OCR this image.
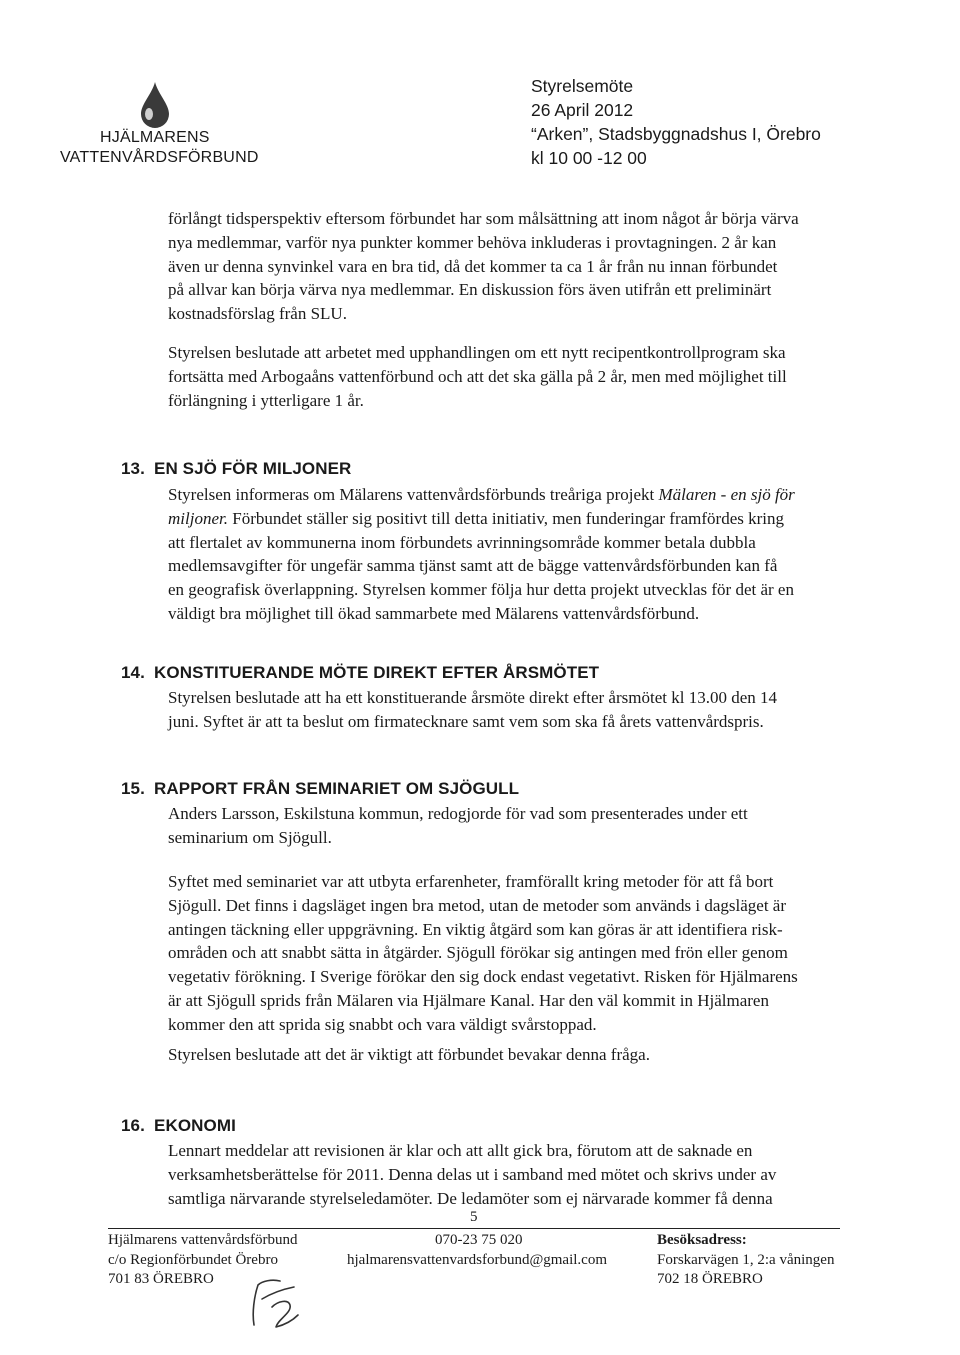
HJÄLMARENS
VATTENVÅRDSFÖRBUND
Styrelsemöte
26 April 2012
“Arken”, Stadsbyggnadshus I, Örebro
kl 10 00 -12 00

förlångt tidsperspektiv eftersom förbundet har som målsättning att inom något år börja värva
nya medlemmar, varför nya punkter kommer behöva inkluderas i provtagningen. 2 år kan
även ur denna synvinkel vara en bra tid, då det kommer ta ca 1 år från nu innan förbundet
på allvar kan börja värva nya medlemmar. En diskussion förs även utifrån ett preliminärt
kostnadsförslag från SLU.

Styrelsen beslutade att arbetet med upphandlingen om ett nytt recipentkontrollprogram ska
fortsätta med Arbogaåns vattenförbund och att det ska gälla på 2 år, men med möjlighet till
förlängning i ytterligare 1 år.

13. EN SJÖ FÖR MILJONER

Styrelsen informeras om Mälarens vattenvårdsförbunds treåriga projekt Mälaren - en sjö för
miljoner. Förbundet ställer sig positivt till detta initiativ, men funderingar framfördes kring
att flertalet av kommunerna inom förbundets avrinningsområde kommer betala dubbla
medlemsavgifter för ungefär samma tjänst samt att de bägge vattenvårdsförbunden kan få
en geografisk överlappning. Styrelsen kommer följa hur detta projekt utvecklas för det är en
väldigt bra möjlighet till ökad sammarbete med Mälarens vattenvårdsförbund.

14. KONSTITUERANDE MÖTE DIREKT EFTER ÅRSMÖTET

Styrelsen beslutade att ha ett konstituerande årsmöte direkt efter årsmötet kl 13.00 den 14
juni. Syftet är att ta beslut om firmatecknare samt vem som ska få årets vattenvårdspris.

15. RAPPORT FRÅN SEMINARIET OM SJÖGULL

Anders Larsson, Eskilstuna kommun, redogjorde för vad som presenterades under ett
seminarium om Sjögull.

Syftet med seminariet var att utbyta erfarenheter, framförallt kring metoder för att få bort
Sjögull. Det finns i dagsläget ingen bra metod, utan de metoder som används i dagsläget är
antingen täckning eller uppgrävning. En viktig åtgärd som kan göras är att identifiera risk-
områden och att snabbt sätta in åtgärder. Sjögull förökar sig antingen med frön eller genom
vegetativ förökning. I Sverige förökar den sig dock endast vegetativt. Risken för Hjälmarens
är att Sjögull sprids från Mälaren via Hjälmare Kanal. Har den väl kommit in Hjälmaren
kommer den att sprida sig snabbt och vara väldigt svårstoppad.

Styrelsen beslutade att det är viktigt att förbundet bevakar denna fråga.

16. EKONOMI

Lennart meddelar att revisionen är klar och att allt gick bra, förutom att de saknade en
verksamhetsberättelse för 2011. Denna delas ut i samband med mötet och skrivs under av
samtliga närvarande styrelseledamöter. De ledamöter som ej närvarade kommer få denna

5
Hjälmarens vattenvårdsförbund
c/o Regionförbundet Örebro
701 83 ÖREBRO
070-23 75 020
hjalmarensvattenvardsforbund@gmail.com
Besöksadress:
Forskarvägen 1, 2:a våningen
702 18 ÖREBRO
